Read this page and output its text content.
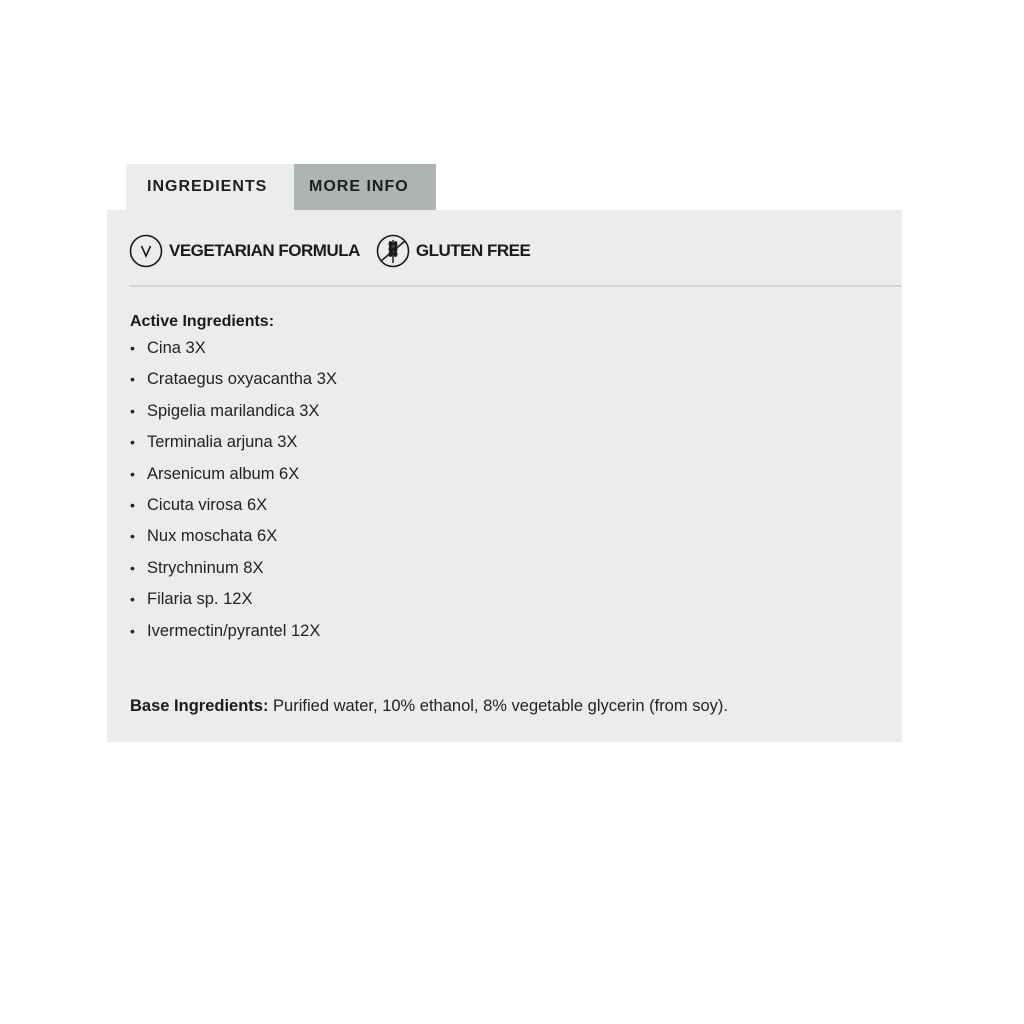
INGREDIENTS	MORE INFO
VEGETARIAN FORMULA	GLUTEN FREE
Active Ingredients:
• Cina 3X
• Crataegus oxyacantha 3X
• Spigelia marilandica 3X
• Terminalia arjuna 3X
• Arsenicum album 6X
• Cicuta virosa 6X
• Nux moschata 6X
• Strychninum 8X
• Filaria sp. 12X
• Ivermectin/pyrantel 12X
Base Ingredients: Purified water, 10% ethanol, 8% vegetable glycerin (from soy).
